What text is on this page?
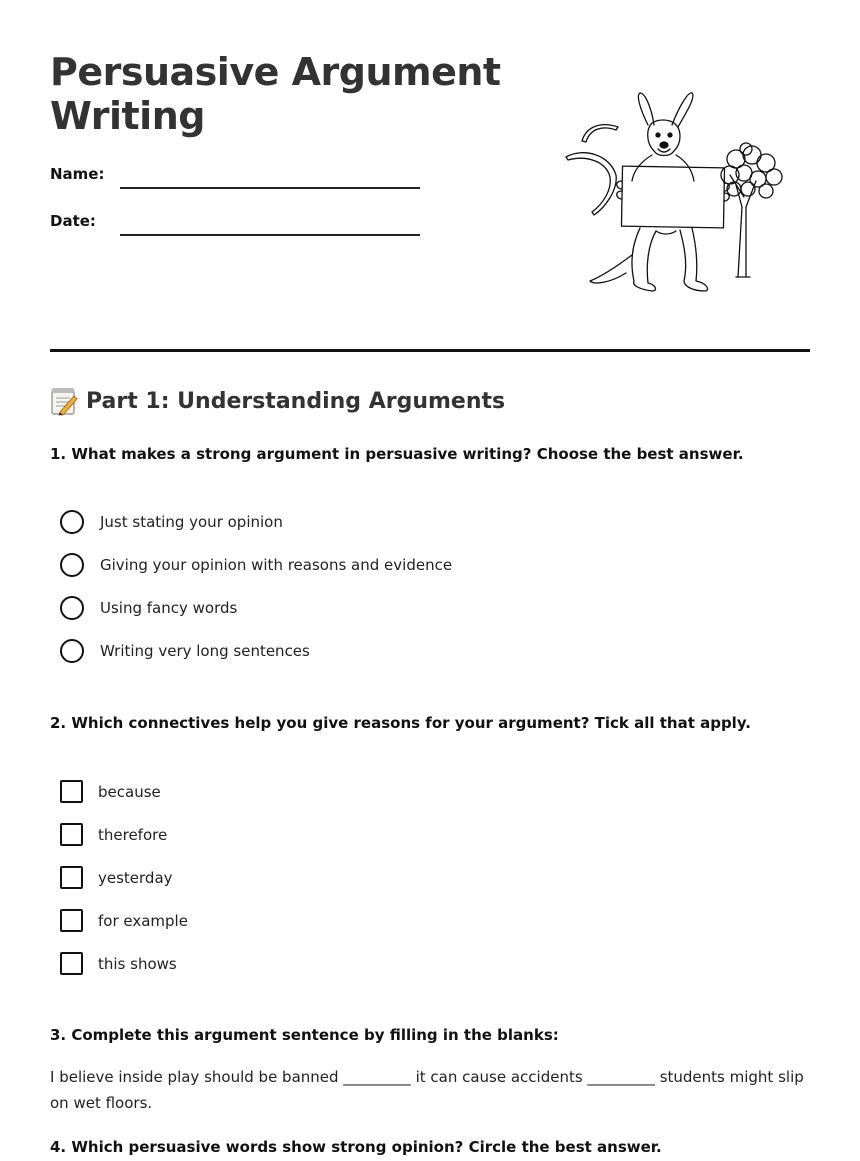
Persuasive Argument Writing
Name:
Date:
Part 1: Understanding Arguments
1. What makes a strong argument in persuasive writing? Choose the best answer.
Just stating your opinion
Giving your opinion with reasons and evidence
Using fancy words
Writing very long sentences
2. Which connectives help you give reasons for your argument? Tick all that apply.
because
therefore
yesterday
for example
this shows
3. Complete this argument sentence by filling in the blanks:
I believe inside play should be banned _________ it can cause accidents _________ students might slip on wet floors.
4. Which persuasive words show strong opinion? Circle the best answer.
